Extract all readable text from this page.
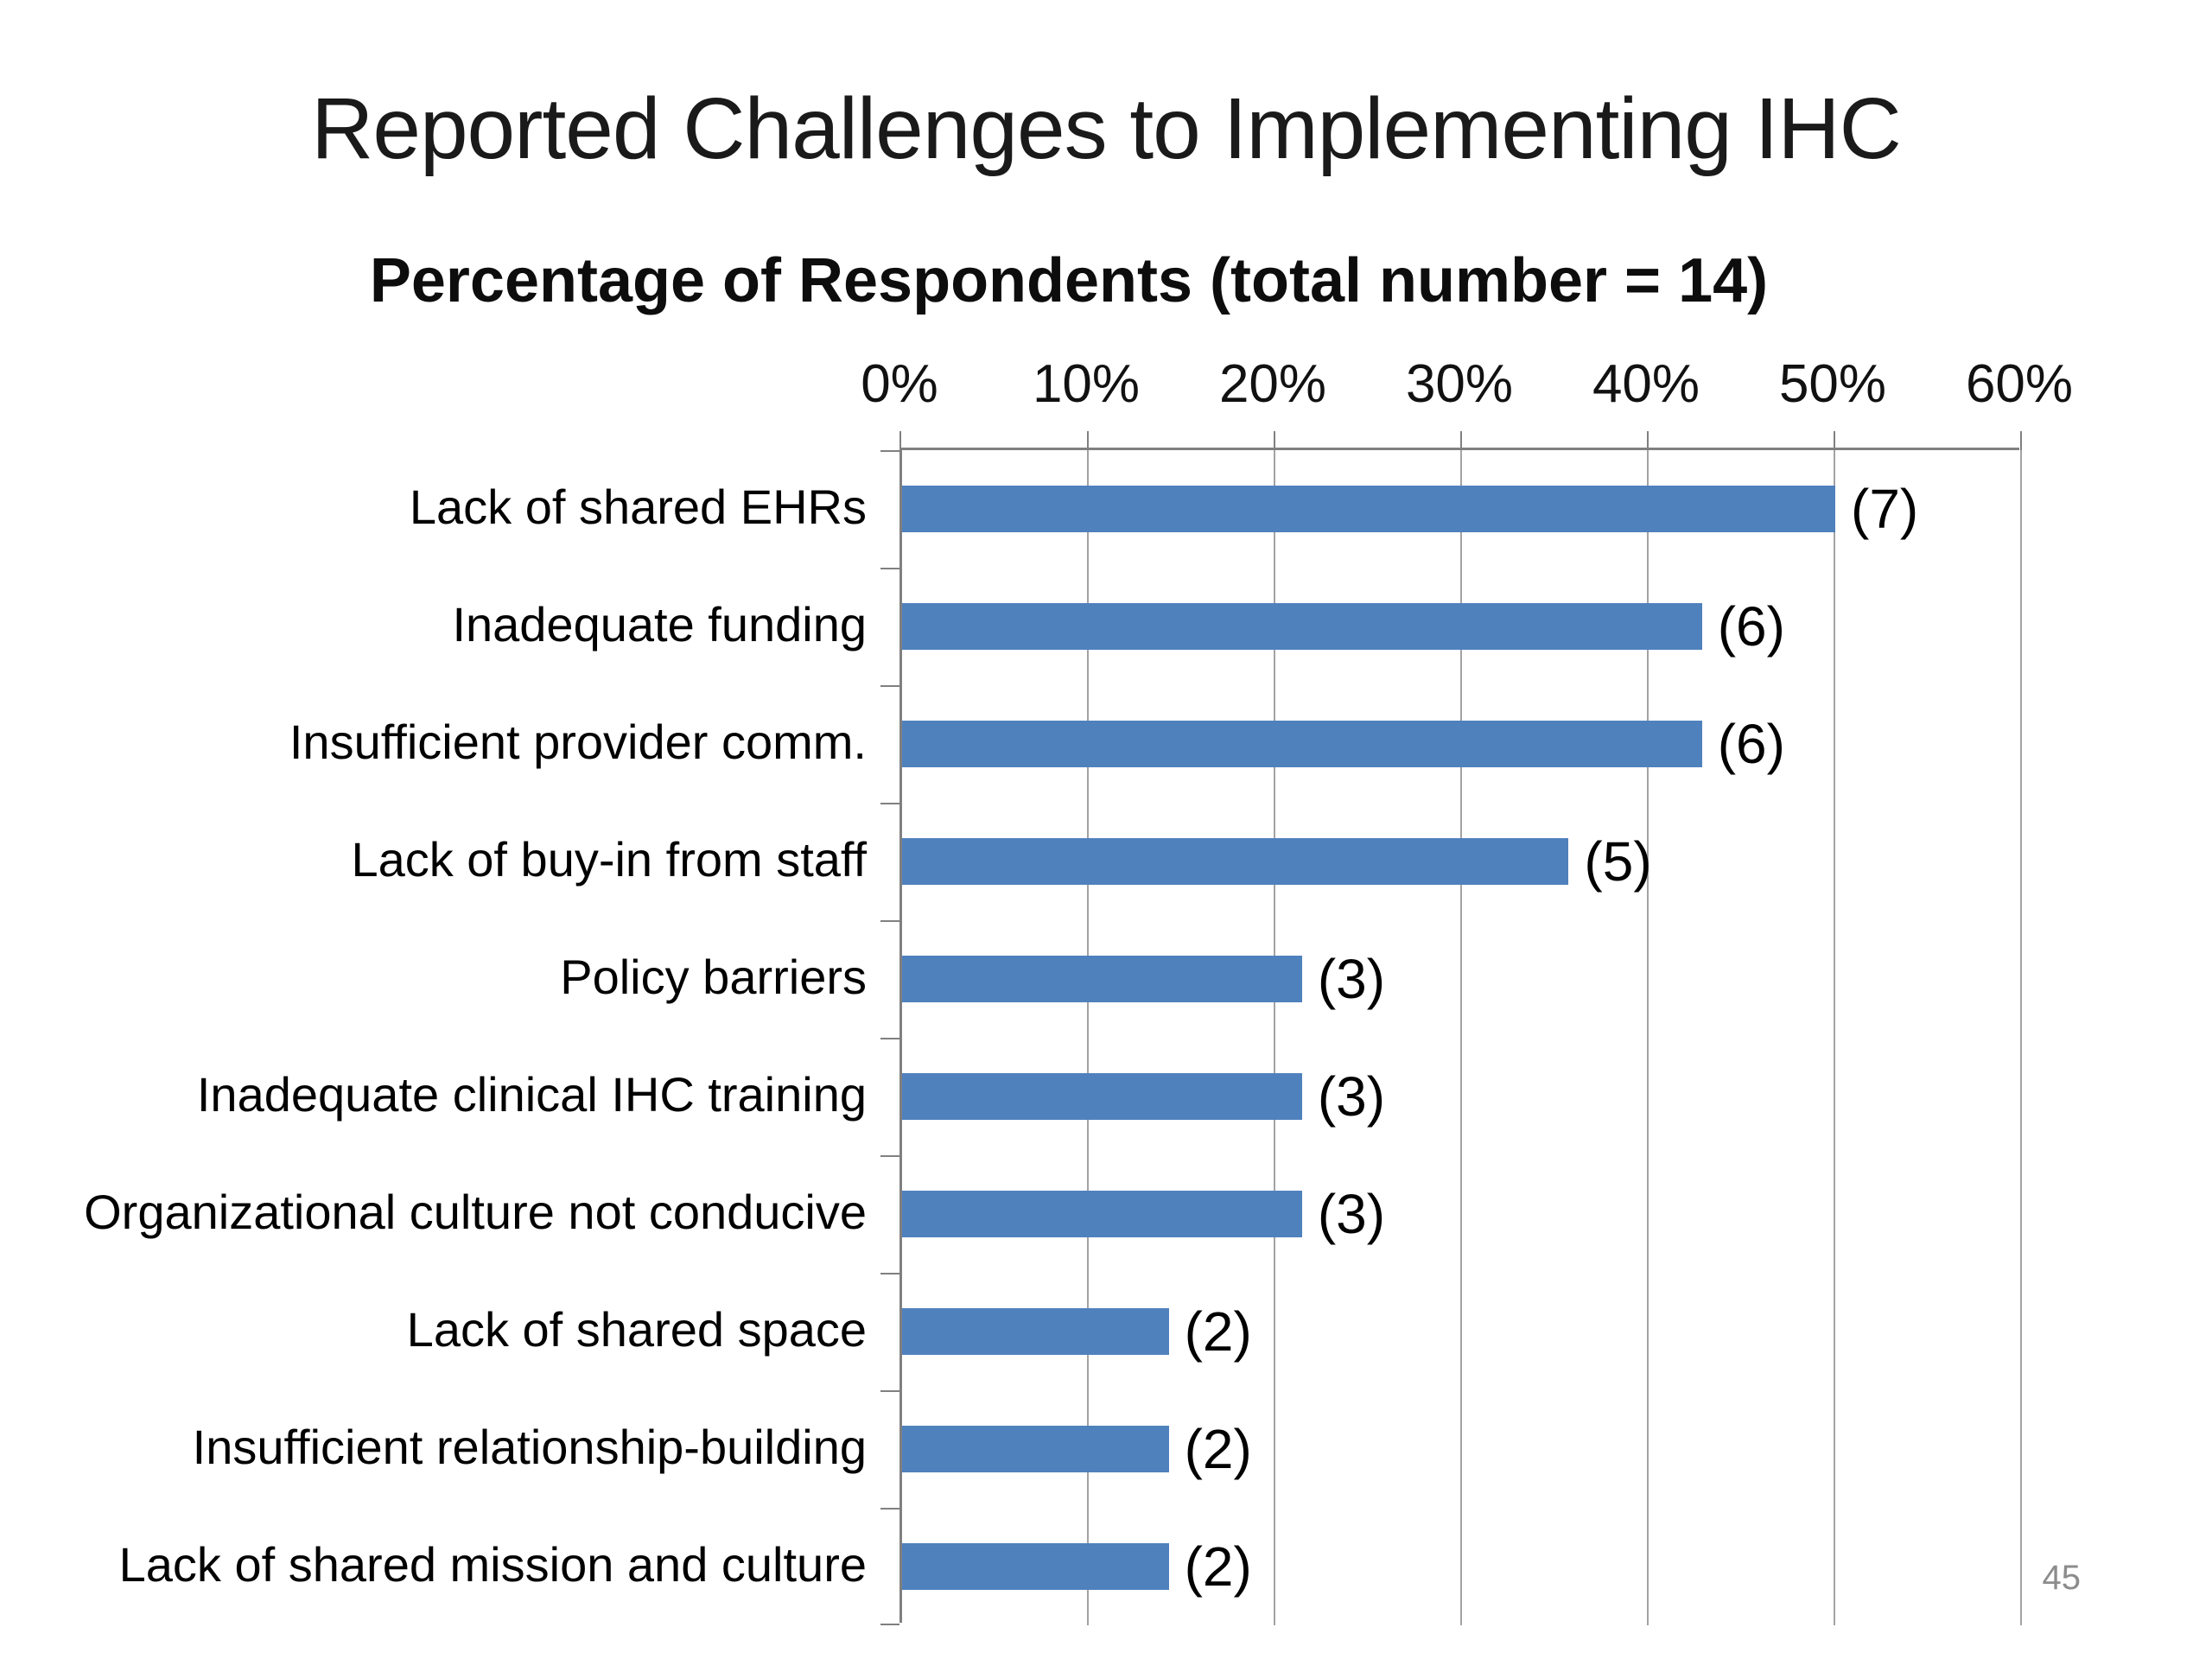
Reported Challenges to Implementing IHC
Percentage of Respondents (total number = 14)
0% 10% 20% 30% 40% 50% 60%
Lack of shared EHRs
Inadequate funding
Insufficient provider comm.
Lack of buy-in from staff
Policy barriers
Inadequate clinical IHC training
Organizational culture not conducive
Lack of shared space
Insufficient relationship-building
Lack of shared mission and culture
(7)
(6)
(6)
(5)
(3)
(3)
(3)
(2)
(2)
(2)	45
